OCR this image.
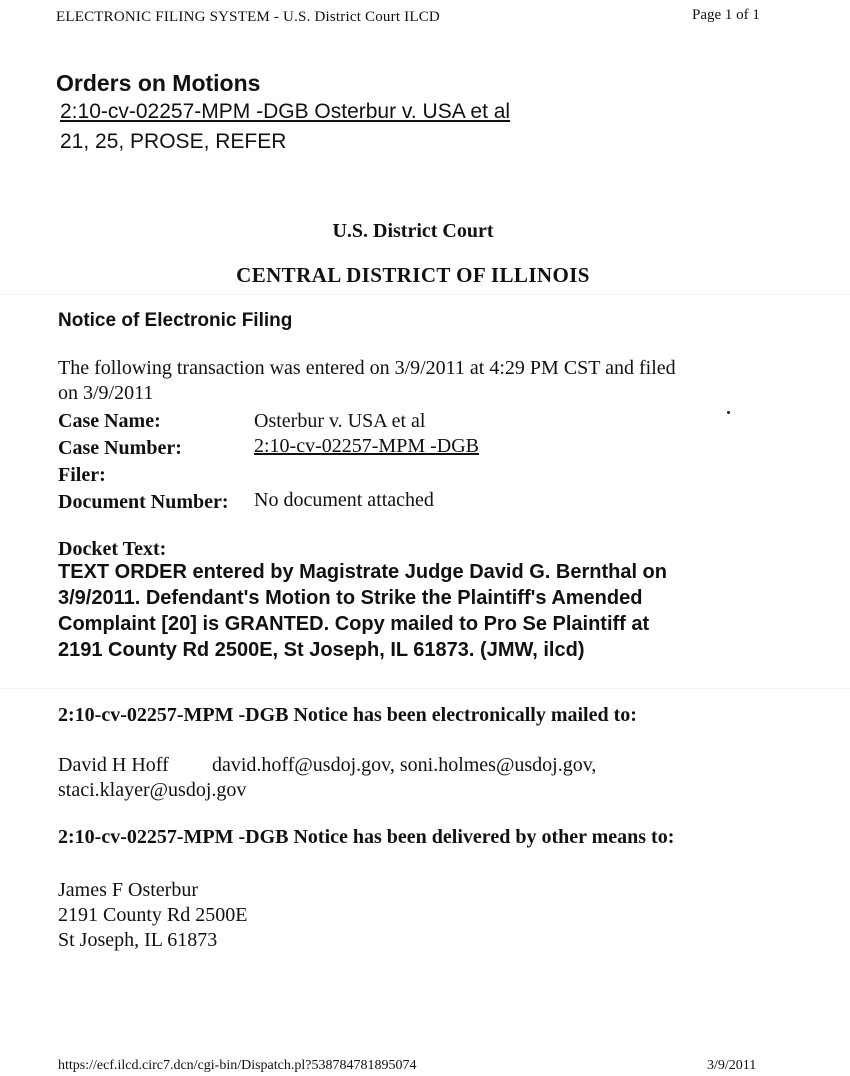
ELECTRONIC FILING SYSTEM - U.S. District Court ILCD	Page 1 of 1
Orders on Motions
2:10-cv-02257-MPM -DGB Osterbur v. USA et al
21, 25, PROSE, REFER
U.S. District Court
CENTRAL DISTRICT OF ILLINOIS
Notice of Electronic Filing
The following transaction was entered on 3/9/2011 at 4:29 PM CST and filed
on 3/9/2011
Case Name:	Osterbur v. USA et al
Case Number:	2:10-cv-02257-MPM -DGB
Filer:
Document Number: No document attached
Docket Text:
TEXT ORDER entered by Magistrate Judge David G. Bernthal on
3/9/2011. Defendant's Motion to Strike the Plaintiff's Amended
Complaint [20] is GRANTED. Copy mailed to Pro Se Plaintiff at
2191 County Rd 2500E, St Joseph, IL 61873. (JMW, ilcd)
2:10-cv-02257-MPM -DGB Notice has been electronically mailed to:
David H Hoff david.hoff@usdoj.gov, soni.holmes@usdoj.gov,
staci.klayer@usdoj.gov
2:10-cv-02257-MPM -DGB Notice has been delivered by other means to:
James F Osterbur
2191 County Rd 2500E
St Joseph, IL 61873
https://ecf.ilcd.circ7.dcn/cgi-bin/Dispatch.pl?538784781895074	3/9/2011
